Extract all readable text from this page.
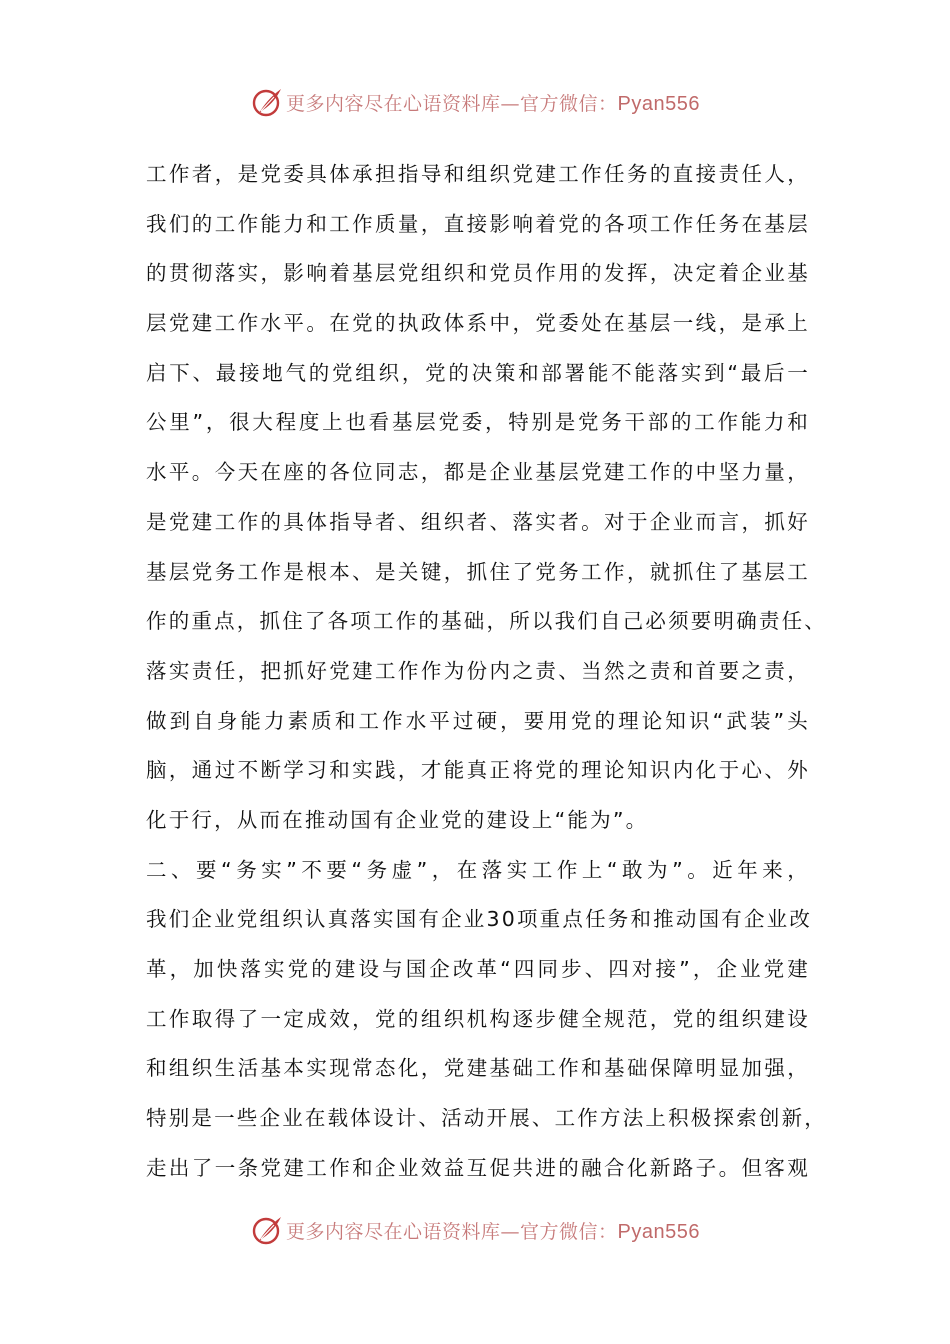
更多内容尽在心语资料库—官方微信：Pyan556
工作者，是党委具体承担指导和组织党建工作任务的直接责任人，
我们的工作能力和工作质量，直接影响着党的各项工作任务在基层
的贯彻落实，影响着基层党组织和党员作用的发挥，决定着企业基
层党建工作水平。在党的执政体系中，党委处在基层一线，是承上
启下、最接地气的党组织，党的决策和部署能不能落实到“最后一
公里”，很大程度上也看基层党委，特别是党务干部的工作能力和
水平。今天在座的各位同志，都是企业基层党建工作的中坚力量，
是党建工作的具体指导者、组织者、落实者。对于企业而言，抓好
基层党务工作是根本、是关键，抓住了党务工作，就抓住了基层工
作的重点，抓住了各项工作的基础，所以我们自己必须要明确责任、
落实责任，把抓好党建工作作为份内之责、当然之责和首要之责，
做到自身能力素质和工作水平过硬，要用党的理论知识“武装”头
脑，通过不断学习和实践，才能真正将党的理论知识内化于心、外
化于行，从而在推动国有企业党的建设上“能为”。
二、要“务实”不要“务虚”，在落实工作上“敢为”。近年来，
我们企业党组织认真落实国有企业30项重点任务和推动国有企业改
革，加快落实党的建设与国企改革“四同步、四对接”，企业党建
工作取得了一定成效，党的组织机构逐步健全规范，党的组织建设
和组织生活基本实现常态化，党建基础工作和基础保障明显加强，
特别是一些企业在载体设计、活动开展、工作方法上积极探索创新，
走出了一条党建工作和企业效益互促共进的融合化新路子。但客观
更多内容尽在心语资料库—官方微信：Pyan556
